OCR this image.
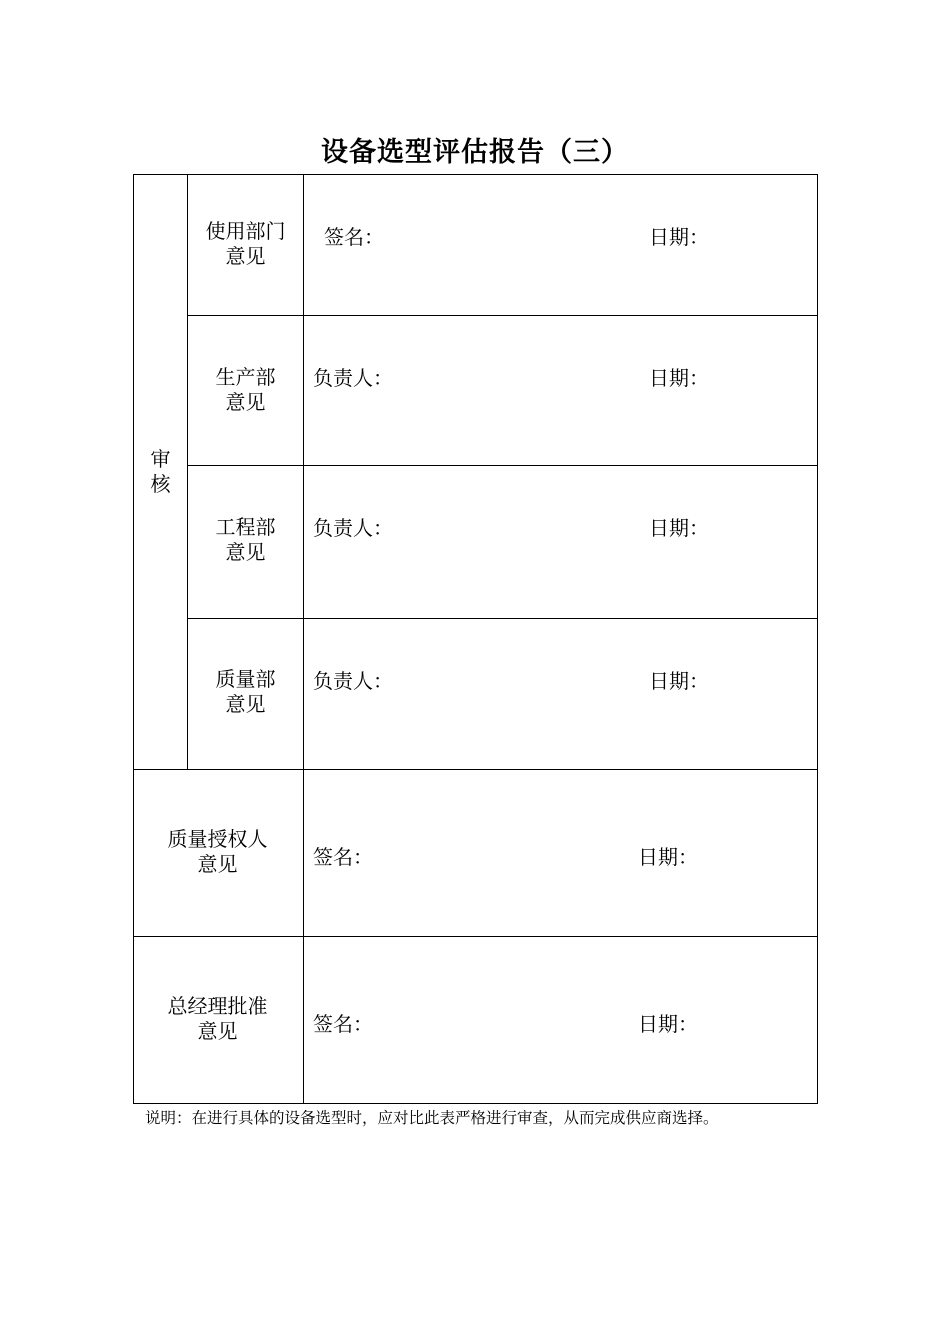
设备选型评估报告（三）
审
核	使用部门
意见	签名： 日期：

	生产部
意见	负责人： 日期：

	工程部
意见	负责人： 日期：

	质量部
意见	负责人： 日期：

质量授权人
意见		签名： 日期：

总经理批准
意见		签名： 日期：
说明：在进行具体的设备选型时，应对比此表严格进行审查，从而完成供应商选择。
